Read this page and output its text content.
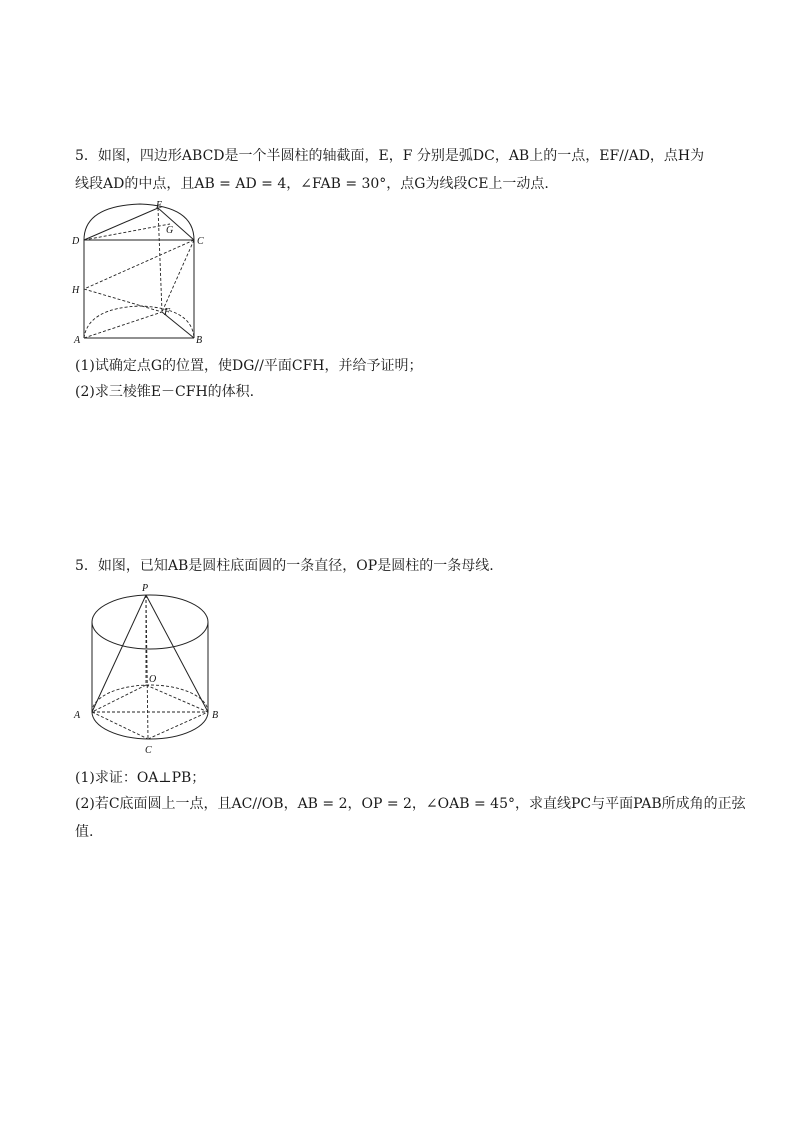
5．如图，四边形ABCD是一个半圆柱的轴截面，E，F 分别是弧DC，AB上的一点，EF//AD，点H为
线段AD的中点，且AB = AD = 4，∠FAB = 30°，点G为线段CE上一动点.
E
G
D	C
H
F
A	B
(1)试确定点G的位置，使DG//平面CFH，并给予证明；
(2)求三棱锥E－CFH的体积.
5．如图，已知AB是圆柱底面圆的一条直径，OP是圆柱的一条母线.
P
O
A	B
C
(1)求证：OA⊥PB；
(2)若C底面圆上一点，且AC//OB，AB = 2，OP = 2，∠OAB = 45°，求直线PC与平面PAB所成角的正弦
值.
